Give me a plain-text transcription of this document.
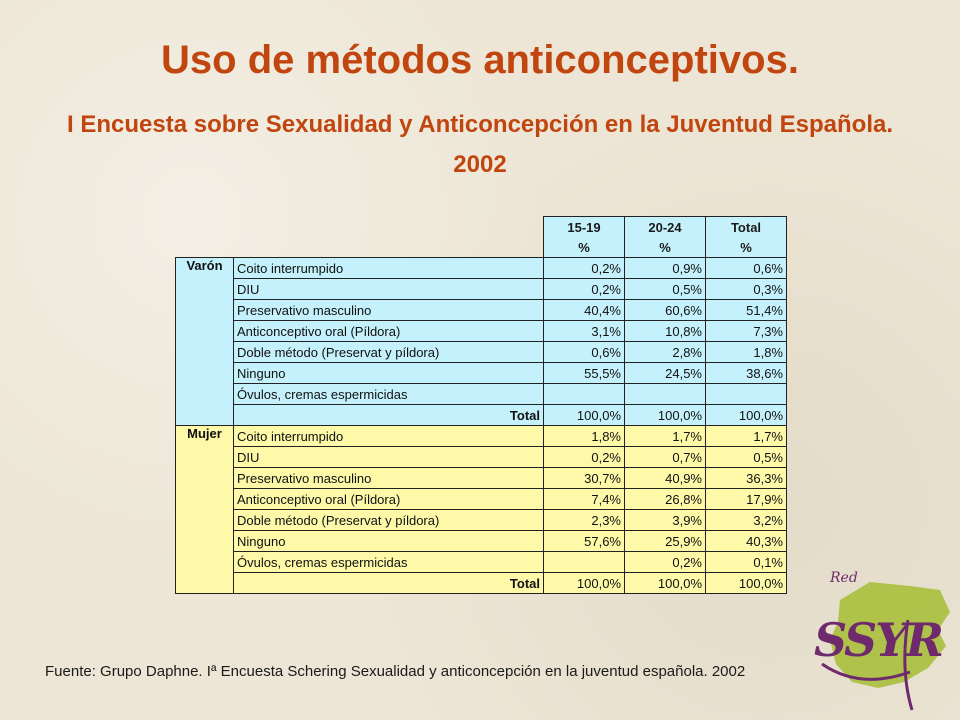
Uso de métodos anticonceptivos.
I Encuesta sobre Sexualidad y Anticoncepción en la Juventud Española. 2002
		15-19	20-24	Total
		%	%	%
Varón	Coito interrumpido	0,2%	0,9%	0,6%
	DIU	0,2%	0,5%	0,3%
	Preservativo masculino	40,4%	60,6%	51,4%
	Anticonceptivo oral (Píldora)	3,1%	10,8%	7,3%
	Doble método (Preservat y píldora)	0,6%	2,8%	1,8%
	Ninguno	55,5%	24,5%	38,6%
	Óvulos, cremas espermicidas			
	Total	100,0%	100,0%	100,0%
Mujer	Coito interrumpido	1,8%	1,7%	1,7%
	DIU	0,2%	0,7%	0,5%
	Preservativo masculino	30,7%	40,9%	36,3%
	Anticonceptivo oral (Píldora)	7,4%	26,8%	17,9%
	Doble método (Preservat y píldora)	2,3%	3,9%	3,2%
	Ninguno	57,6%	25,9%	40,3%
	Óvulos, cremas espermicidas		0,2%	0,1%
	Total	100,0%	100,0%	100,0%

Fuente: Grupo Daphne. Iª Encuesta Schering Sexualidad y anticoncepción en la juventud española. 2002

Red
SSYR
